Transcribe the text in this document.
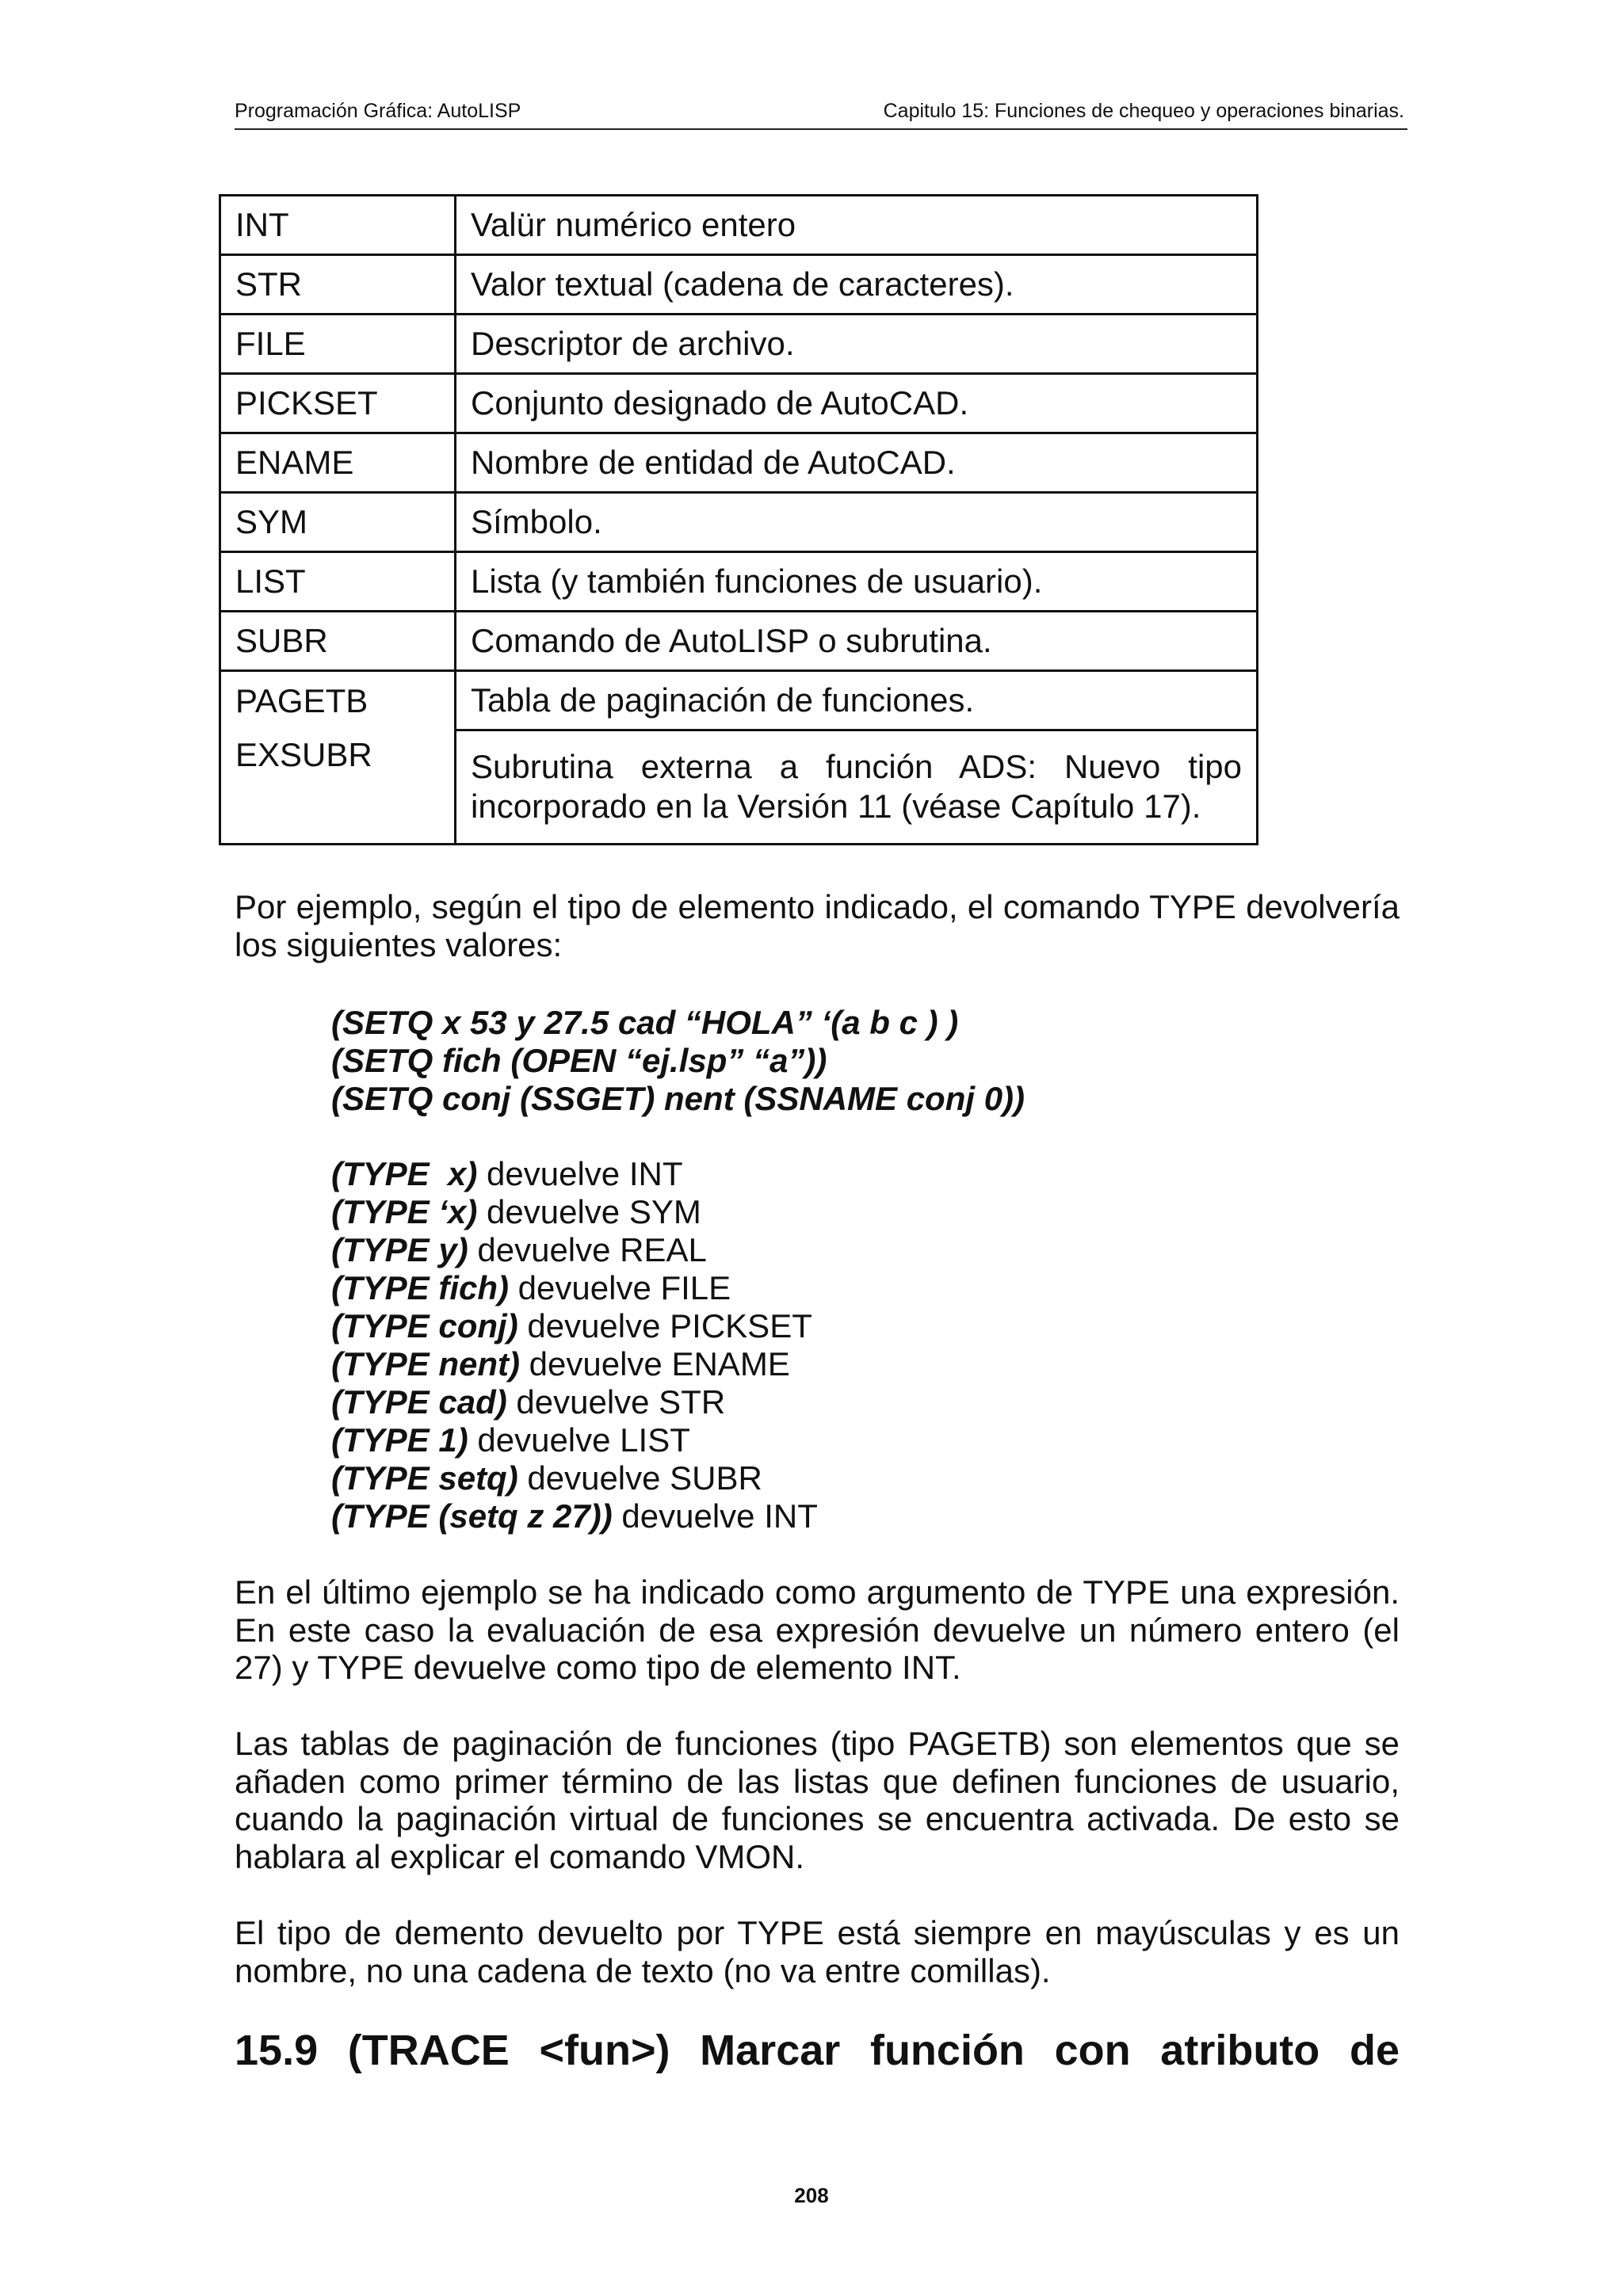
Programación Gráfica: AutoLISP	Capitulo 15: Funciones de chequeo y operaciones binarias.
INT	Valür numérico entero
STR	Valor textual (cadena de caracteres).
FILE	Descriptor de archivo.
PICKSET	Conjunto designado de AutoCAD.
ENAME	Nombre de entidad de AutoCAD.
SYM	Símbolo.
LIST	Lista (y también funciones de usuario).
SUBR	Comando de AutoLISP o subrutina.
PAGETB	Tabla de paginación de funciones.
EXSUBR	Subrutina externa a función ADS: Nuevo tipo incorporado en la Versión 11 (véase Capítulo 17).
Por ejemplo, según el tipo de elemento indicado, el comando TYPE devolvería los siguientes valores:
(SETQ x 53 y 27.5 cad “HOLA” ‘(a b c ) )
(SETQ fich (OPEN “ej.lsp” “a”))
(SETQ conj (SSGET) nent (SSNAME conj 0))
(TYPE  x) devuelve INT
(TYPE ‘x) devuelve SYM
(TYPE y) devuelve REAL
(TYPE fich) devuelve FILE
(TYPE conj) devuelve PICKSET
(TYPE nent) devuelve ENAME
(TYPE cad) devuelve STR
(TYPE 1) devuelve LIST
(TYPE setq) devuelve SUBR
(TYPE (setq z 27)) devuelve INT
En el último ejemplo se ha indicado como argumento de TYPE una expresión. En este caso la evaluación de esa expresión devuelve un número entero (el 27) y TYPE devuelve como tipo de elemento INT.
Las tablas de paginación de funciones (tipo PAGETB) son elementos que se añaden como primer término de las listas que definen funciones de usuario, cuando la paginación virtual de funciones se encuentra activada. De esto se hablara al explicar el comando VMON.
El tipo de demento devuelto por TYPE está siempre en mayúsculas y es un nombre, no una cadena de texto (no va entre comillas).
15.9 (TRACE <fun>) Marcar función con atributo de
208
